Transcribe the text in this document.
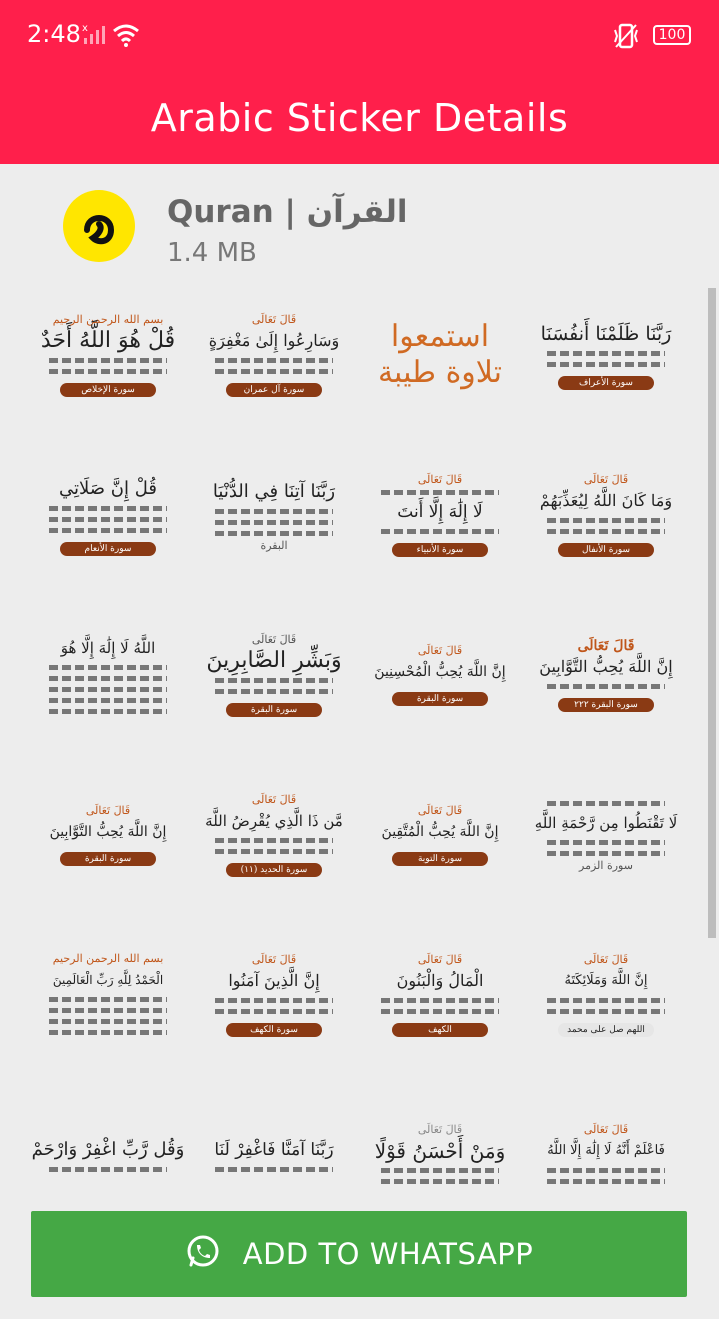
2:48 x	100
Arabic Sticker Details
Quran | القرآن
1.4 MB
بسم الله الرحمن الرحيم
قُلْ هُوَ اللَّهُ أَحَدٌ
سورة الإخلاص
قَالَ تَعَالَى
وَسَارِعُوا إِلَىٰ مَغْفِرَةٍ
سورة آل عمران
استمعوا تلاوة طيبة
رَبَّنَا ظَلَمْنَا أَنفُسَنَا
سورة الأعراف
قُلْ إِنَّ صَلَاتِي
سورة الأنعام
رَبَّنَا آتِنَا فِي الدُّنْيَا
البقرة
قَالَ تَعَالَى
لَا إِلَٰهَ إِلَّا أَنتَ
سورة الأنبياء
قَالَ تَعَالَى
وَمَا كَانَ اللَّهُ لِيُعَذِّبَهُمْ
سورة الأنفال
اللَّهُ لَا إِلَٰهَ إِلَّا هُوَ	قَالَ تَعَالَى
وَبَشِّرِ الصَّابِرِينَ
سورة البقرة
قَالَ تَعَالَى
إِنَّ اللَّهَ يُحِبُّ الْمُحْسِنِينَ
سورة البقرة
قَالَ تَعَالَى
إِنَّ اللَّهَ يُحِبُّ التَّوَّابِينَ
سورة البقرة ٢٢٢
قَالَ تَعَالَى
إِنَّ اللَّهَ يُحِبُّ التَّوَّابِينَ
سورة البقرة
قَالَ تَعَالَى
مَّن ذَا الَّذِي يُقْرِضُ اللَّهَ
سورة الحديد (١١)
قَالَ تَعَالَى
إِنَّ اللَّهَ يُحِبُّ الْمُتَّقِينَ
سورة التوبة
لَا تَقْنَطُوا مِن رَّحْمَةِ اللَّهِ
سورة الزمر
بسم الله الرحمن الرحيم
الْحَمْدُ لِلَّهِ رَبِّ الْعَالَمِينَ
قَالَ تَعَالَى
إِنَّ الَّذِينَ آمَنُوا
سورة الكهف
قَالَ تَعَالَى
الْمَالُ وَالْبَنُونَ
الكهف
قَالَ تَعَالَى
إِنَّ اللَّهَ وَمَلَائِكَتَهُ
اللهم صل على محمد
وَقُل رَّبِّ اغْفِرْ وَارْحَمْ	رَبَّنَا آمَنَّا فَاغْفِرْ لَنَا
قَالَ تَعَالَى
وَمَنْ أَحْسَنُ قَوْلًا
قَالَ تَعَالَى
فَاعْلَمْ أَنَّهُ لَا إِلَٰهَ إِلَّا اللَّهُ
ADD TO WHATSAPP
